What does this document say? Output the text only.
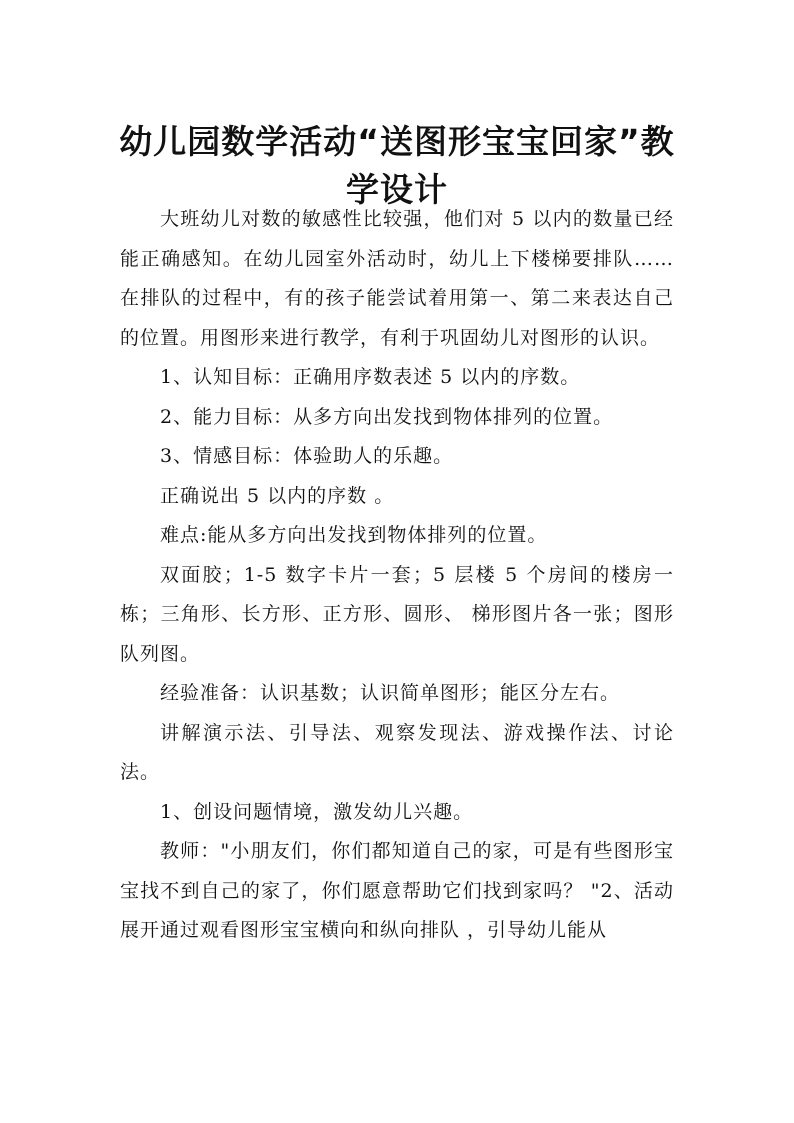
幼儿园数学活动“送图形宝宝回家”教学设计

大班幼儿对数的敏感性比较强，他们对 5 以内的数量已经能正确感知。在幼儿园室外活动时，幼儿上下楼梯要排队……在排队的过程中，有的孩子能尝试着用第一、第二来表达自己的位置。用图形来进行教学，有利于巩固幼儿对图形的认识。

1、认知目标：正确用序数表述 5 以内的序数。

2、能力目标：从多方向出发找到物体排列的位置。

3、情感目标：体验助人的乐趣。

正确说出 5 以内的序数 。

难点:能从多方向出发找到物体排列的位置。

双面胶；1-5 数字卡片一套；5 层楼 5 个房间的楼房一栋；三角形、长方形、正方形、圆形、 梯形图片各一张；图形队列图。

经验准备：认识基数；认识简单图形；能区分左右。

讲解演示法、引导法、观察发现法、游戏操作法、讨论法。

1、创设问题情境，激发幼儿兴趣。

教师："小朋友们，你们都知道自己的家，可是有些图形宝宝找不到自己的家了，你们愿意帮助它们找到家吗？ "2、活动展开通过观看图形宝宝横向和纵向排队 ，引导幼儿能从
